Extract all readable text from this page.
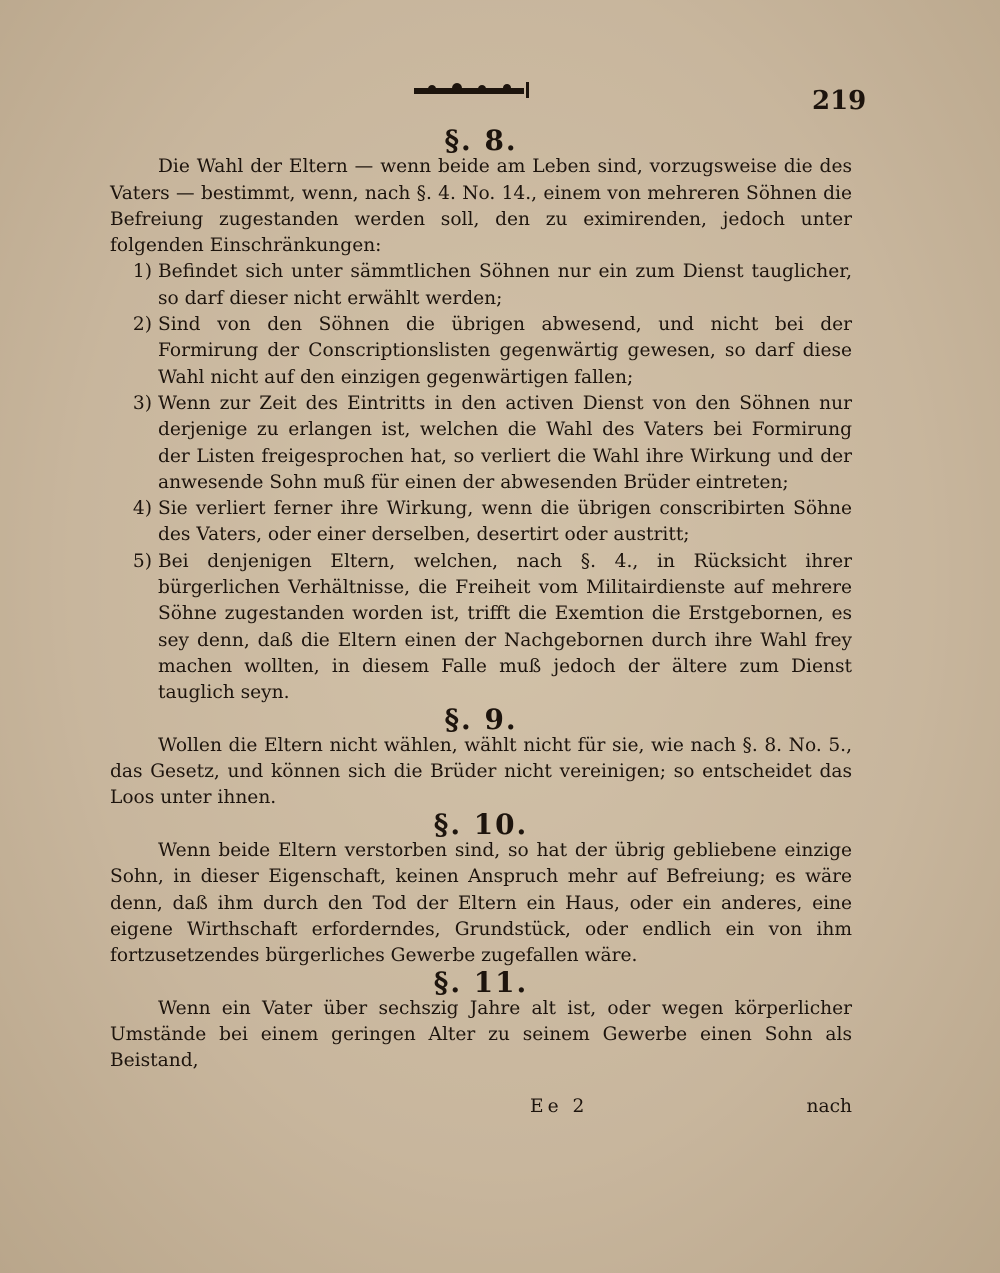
219
§. 8.

Die Wahl der Eltern — wenn beide am Leben sind, vorzugsweise die des Vaters — bestimmt, wenn, nach §. 4. No. 14., einem von mehreren Söhnen die Befreiung zugestanden werden soll, den zu eximirenden, jedoch unter folgenden Einschränkungen:

1) Befindet sich unter sämmtlichen Söhnen nur ein zum Dienst tauglicher, so darf dieser nicht erwählt werden;
2) Sind von den Söhnen die übrigen abwesend, und nicht bei der Formirung der Conscriptionslisten gegenwärtig gewesen, so darf diese Wahl nicht auf den einzigen gegenwärtigen fallen;
3) Wenn zur Zeit des Eintritts in den activen Dienst von den Söhnen nur derjenige zu erlangen ist, welchen die Wahl des Vaters bei Formirung der Listen freigesprochen hat, so verliert die Wahl ihre Wirkung und der anwesende Sohn muß für einen der abwesenden Brüder eintreten;
4) Sie verliert ferner ihre Wirkung, wenn die übrigen conscribirten Söhne des Vaters, oder einer derselben, desertirt oder austritt;
5) Bei denjenigen Eltern, welchen, nach §. 4., in Rücksicht ihrer bürgerlichen Verhältnisse, die Freiheit vom Militairdienste auf mehrere Söhne zugestanden worden ist, trifft die Exemtion die Erstgebornen, es sey denn, daß die Eltern einen der Nachgebornen durch ihre Wahl frey machen wollten, in diesem Falle muß jedoch der ältere zum Dienst tauglich seyn.
§. 9.

Wollen die Eltern nicht wählen, wählt nicht für sie, wie nach §. 8. No. 5., das Gesetz, und können sich die Brüder nicht vereinigen; so entscheidet das Loos unter ihnen.

§. 10.

Wenn beide Eltern verstorben sind, so hat der übrig gebliebene einzige Sohn, in dieser Eigenschaft, keinen Anspruch mehr auf Befreiung; es wäre denn, daß ihm durch den Tod der Eltern ein Haus, oder ein anderes, eine eigene Wirthschaft erforderndes, Grundstück, oder endlich ein von ihm fortzusetzendes bürgerliches Gewerbe zugefallen wäre.

§. 11.

Wenn ein Vater über sechszig Jahre alt ist, oder wegen körperlicher Umstände bei einem geringen Alter zu seinem Gewerbe einen Sohn als Beistand,

Ee 2	nach
